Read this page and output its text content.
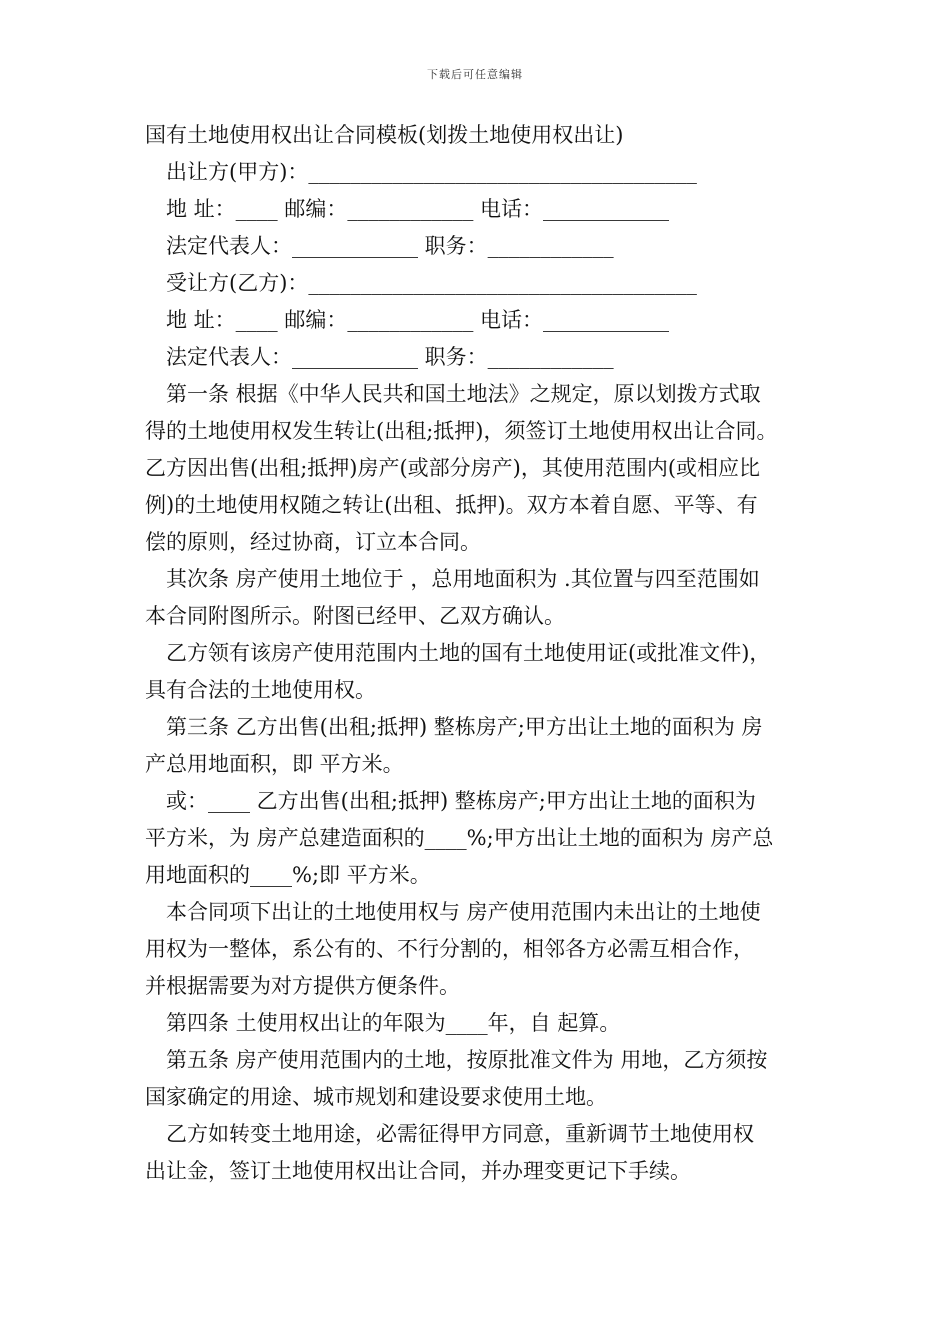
下载后可任意编辑
国有土地使用权出让合同模板(划拨土地使用权出让)
出让方(甲方)：_____________________________________
地 址：____ 邮编：____________ 电话：____________
法定代表人：____________ 职务：____________
受让方(乙方)：_____________________________________
地 址：____ 邮编：____________ 电话：____________
法定代表人：____________ 职务：____________
第一条 根据《中华人民共和国土地法》之规定，原以划拨方式取
得的土地使用权发生转让(出租;抵押)，须签订土地使用权出让合同。
乙方因出售(出租;抵押)房产(或部分房产)，其使用范围内(或相应比
例)的土地使用权随之转让(出租、抵押)。双方本着自愿、平等、有
偿的原则，经过协商，订立本合同。
其次条 房产使用土地位于 ，总用地面积为 .其位置与四至范围如
本合同附图所示。附图已经甲、乙双方确认。
乙方领有该房产使用范围内土地的国有土地使用证(或批准文件)，
具有合法的土地使用权。
第三条 乙方出售(出租;抵押) 整栋房产;甲方出让土地的面积为 房
产总用地面积，即 平方米。
或：____ 乙方出售(出租;抵押) 整栋房产;甲方出让土地的面积为
平方米，为 房产总建造面积的____%;甲方出让土地的面积为 房产总
用地面积的____%;即 平方米。
本合同项下出让的土地使用权与 房产使用范围内未出让的土地使
用权为一整体，系公有的、不行分割的，相邻各方必需互相合作，
并根据需要为对方提供方便条件。
第四条 土使用权出让的年限为____年，自 起算。
第五条 房产使用范围内的土地，按原批准文件为 用地，乙方须按
国家确定的用途、城市规划和建设要求使用土地。
乙方如转变土地用途，必需征得甲方同意，重新调节土地使用权
出让金，签订土地使用权出让合同，并办理变更记下手续。
